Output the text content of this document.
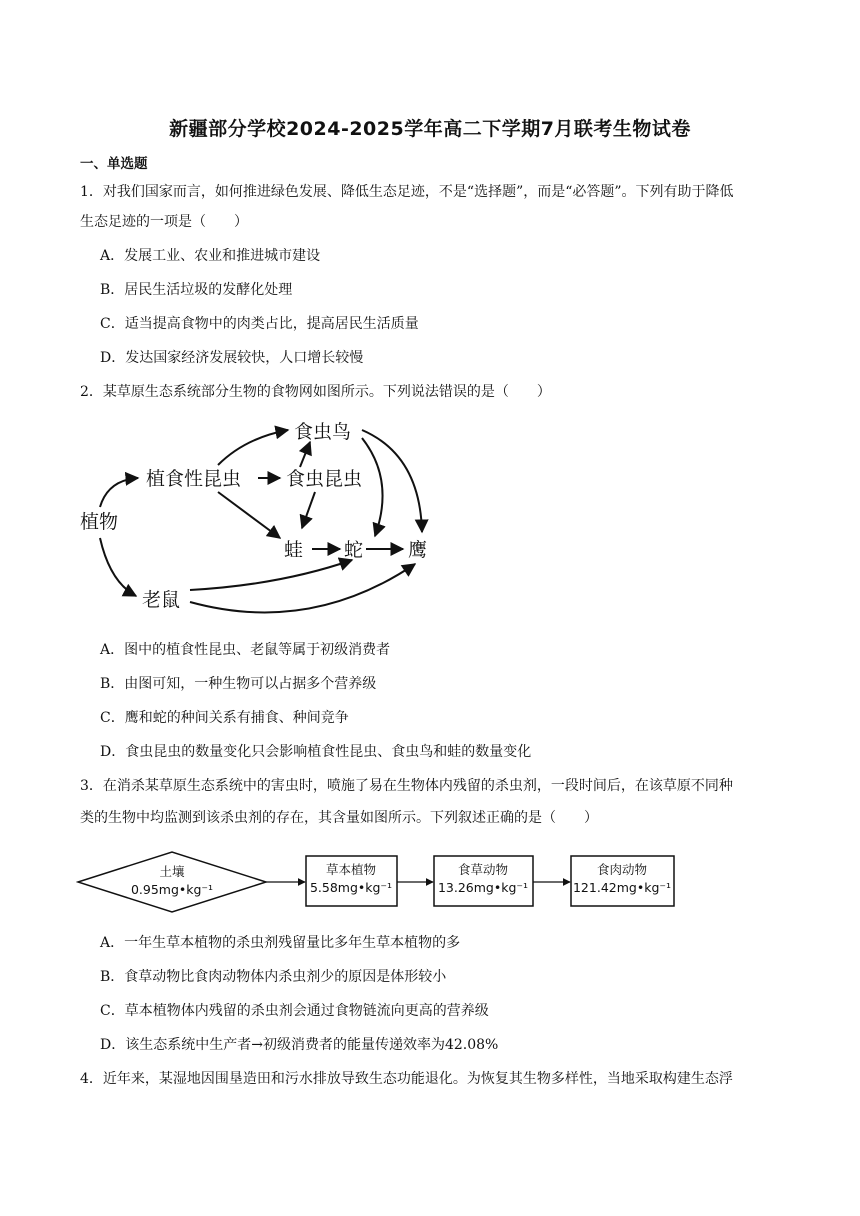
新疆部分学校2024-2025学年高二下学期7月联考生物试卷
一、单选题
1．对我们国家而言，如何推进绿色发展、降低生态足迹，不是“选择题”，而是“必答题”。下列有助于降低
生态足迹的一项是（　　）
A．发展工业、农业和推进城市建设
B．居民生活垃圾的发酵化处理
C．适当提高食物中的肉类占比，提高居民生活质量
D．发达国家经济发展较快，人口增长较慢
2．某草原生态系统部分生物的食物网如图所示。下列说法错误的是（　　）
植物
植食性昆虫
食虫鸟
食虫昆虫
蛙 蛇 鹰
老鼠
A．图中的植食性昆虫、老鼠等属于初级消费者
B．由图可知，一种生物可以占据多个营养级
C．鹰和蛇的种间关系有捕食、种间竞争
D．食虫昆虫的数量变化只会影响植食性昆虫、食虫鸟和蛙的数量变化
3．在消杀某草原生态系统中的害虫时，喷施了易在生物体内残留的杀虫剂，一段时间后，在该草原不同种
类的生物中均监测到该杀虫剂的存在，其含量如图所示。下列叙述正确的是（　　）
土壤
0.95mg•kg⁻¹
草本植物
5.58mg•kg⁻¹
食草动物
13.26mg•kg⁻¹
食肉动物
121.42mg•kg⁻¹
A．一年生草本植物的杀虫剂残留量比多年生草本植物的多
B．食草动物比食肉动物体内杀虫剂少的原因是体形较小
C．草本植物体内残留的杀虫剂会通过食物链流向更高的营养级
D．该生态系统中生产者→初级消费者的能量传递效率为42.08%
4．近年来，某湿地因围垦造田和污水排放导致生态功能退化。为恢复其生物多样性，当地采取构建生态浮
